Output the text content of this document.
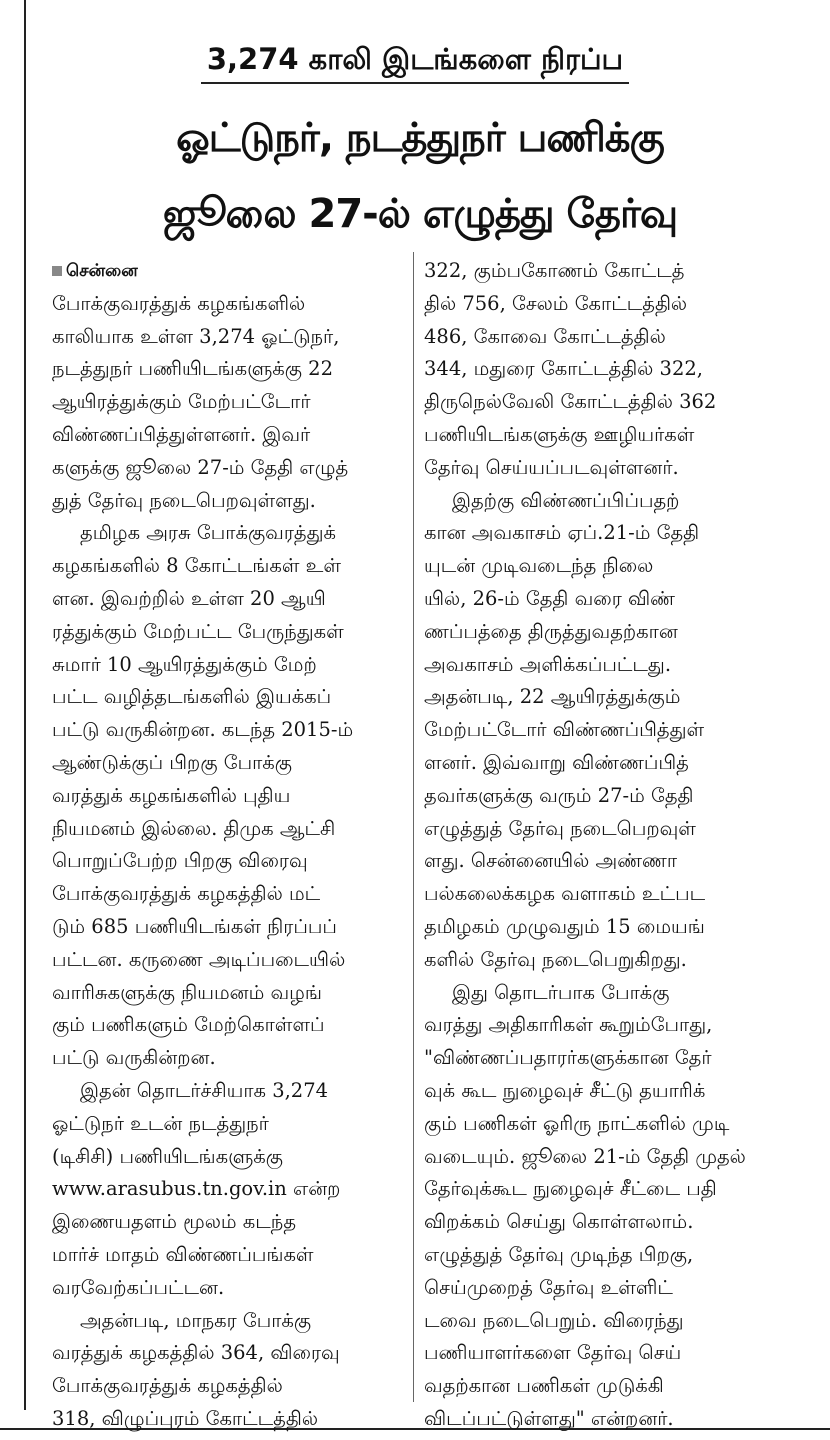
3,274 காலி இடங்களை நிரப்ப
ஓட்டுநர், நடத்துநர் பணிக்கு
ஜூலை 27-ல் எழுத்து தேர்வு
சென்னை
போக்குவரத்துக் கழகங்களில்
காலியாக உள்ள 3,274 ஓட்டுநர்,
நடத்துநர் பணியிடங்களுக்கு 22
ஆயிரத்துக்கும் மேற்பட்டோர்
விண்ணப்பித்துள்ளனர். இவர்
களுக்கு ஜூலை 27-ம் தேதி எழுத்
துத் தேர்வு நடைபெறவுள்ளது.
தமிழக அரசு போக்குவரத்துக்
கழகங்களில் 8 கோட்டங்கள் உள்
ளன. இவற்றில் உள்ள 20 ஆயி
ரத்துக்கும் மேற்பட்ட பேருந்துகள்
சுமார் 10 ஆயிரத்துக்கும் மேற்
பட்ட வழித்தடங்களில் இயக்கப்
பட்டு வருகின்றன. கடந்த 2015-ம்
ஆண்டுக்குப் பிறகு போக்கு
வரத்துக் கழகங்களில் புதிய
நியமனம் இல்லை. திமுக ஆட்சி
பொறுப்பேற்ற பிறகு விரைவு
போக்குவரத்துக் கழகத்தில் மட்
டும் 685 பணியிடங்கள் நிரப்பப்
பட்டன. கருணை அடிப்படையில்
வாரிசுகளுக்கு நியமனம் வழங்
கும் பணிகளும் மேற்கொள்ளப்
பட்டு வருகின்றன.
இதன் தொடர்ச்சியாக 3,274
ஓட்டுநர் உடன் நடத்துநர்
(டிசிசி) பணியிடங்களுக்கு
www.arasubus.tn.gov.in என்ற
இணையதளம் மூலம் கடந்த
மார்ச் மாதம் விண்ணப்பங்கள்
வரவேற்கப்பட்டன.
அதன்படி, மாநகர போக்கு
வரத்துக் கழகத்தில் 364, விரைவு
போக்குவரத்துக் கழகத்தில்
318, விழுப்புரம் கோட்டத்தில்
322, கும்பகோணம் கோட்டத்
தில் 756, சேலம் கோட்டத்தில்
486, கோவை கோட்டத்தில்
344, மதுரை கோட்டத்தில் 322,
திருநெல்வேலி கோட்டத்தில் 362
பணியிடங்களுக்கு ஊழியர்கள்
தேர்வு செய்யப்படவுள்ளனர்.
இதற்கு விண்ணப்பிப்பதற்
கான அவகாசம் ஏப்.21-ம் தேதி
யுடன் முடிவடைந்த நிலை
யில், 26-ம் தேதி வரை விண்
ணப்பத்தை திருத்துவதற்கான
அவகாசம் அளிக்கப்பட்டது.
அதன்படி, 22 ஆயிரத்துக்கும்
மேற்பட்டோர் விண்ணப்பித்துள்
ளனர். இவ்வாறு விண்ணப்பித்
தவர்களுக்கு வரும் 27-ம் தேதி
எழுத்துத் தேர்வு நடைபெறவுள்
ளது. சென்னையில் அண்ணா
பல்கலைக்கழக வளாகம் உட்பட
தமிழகம் முழுவதும் 15 மையங்
களில் தேர்வு நடைபெறுகிறது.
இது தொடர்பாக போக்கு
வரத்து அதிகாரிகள் கூறும்போது,
"விண்ணப்பதாரர்களுக்கான தேர்
வுக் கூட நுழைவுச் சீட்டு தயாரிக்
கும் பணிகள் ஓரிரு நாட்களில் முடி
வடையும். ஜூலை 21-ம் தேதி முதல்
தேர்வுக்கூட நுழைவுச் சீட்டை பதி
விறக்கம் செய்து கொள்ளலாம்.
எழுத்துத் தேர்வு முடிந்த பிறகு,
செய்முறைத் தேர்வு உள்ளிட்
டவை நடைபெறும். விரைந்து
பணியாளர்களை தேர்வு செய்
வதற்கான பணிகள் முடுக்கி
விடப்பட்டுள்ளது" என்றனர்.
